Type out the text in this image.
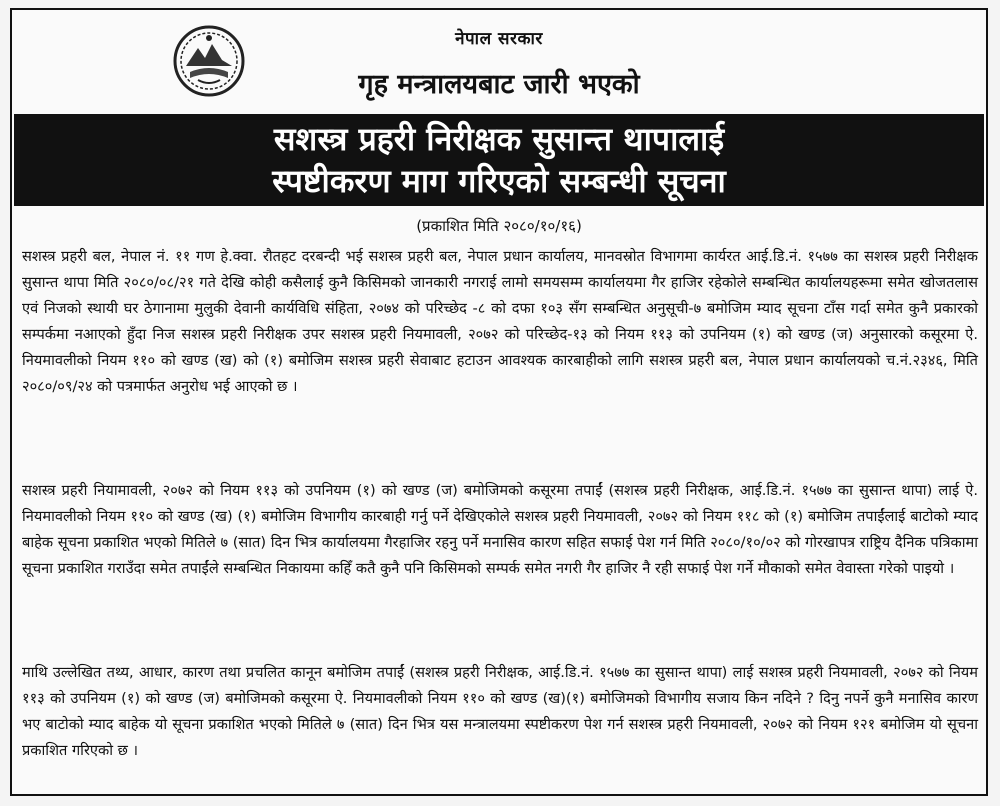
नेपाल सरकार
गृह मन्त्रालयबाट जारी भएको
सशस्त्र प्रहरी निरीक्षक सुसान्त थापालाई
स्पष्टीकरण माग गरिएको सम्बन्धी सूचना
(प्रकाशित मिति २०८०/१०/१६)

सशस्त्र प्रहरी बल, नेपाल नं. ११ गण हे.क्वा. रौतहट दरबन्दी भई सशस्त्र प्रहरी बल, नेपाल प्रधान कार्यालय, मानवस्रोत विभागमा कार्यरत आई.डि.नं. १५७७ का सशस्त्र प्रहरी निरीक्षक सुसान्त थापा मिति २०८०/०८/२१ गते देखि कोही कसैलाई कुनै किसिमको जानकारी नगराई लामो समयसम्म कार्यालयमा गैर हाजिर रहेकोले सम्बन्धित कार्यालयहरूमा समेत खोजतलास एवं निजको स्थायी घर ठेगानामा मुलुकी देवानी कार्यविधि संहिता, २०७४ को परिच्छेद -८ को दफा १०३ सँग सम्बन्धित अनुसूची-७ बमोजिम म्याद सूचना टाँस गर्दा समेत कुनै प्रकारको सम्पर्कमा नआएको हुँदा निज सशस्त्र प्रहरी निरीक्षक उपर सशस्त्र प्रहरी नियमावली, २०७२ को परिच्छेद-१३ को नियम ११३ को उपनियम (१) को खण्ड (ज) अनुसारको कसूरमा ऐ. नियमावलीको नियम ११० को खण्ड (ख) को (१) बमोजिम सशस्त्र प्रहरी सेवाबाट हटाउन आवश्यक कारबाहीको लागि सशस्त्र प्रहरी बल, नेपाल प्रधान कार्यालयको च.नं.२३४६, मिति २०८०/०९/२४ को पत्रमार्फत अनुरोध भई आएको छ ।

सशस्त्र प्रहरी नियामावली, २०७२ को नियम ११३ को उपनियम (१) को खण्ड (ज) बमोजिमको कसूरमा तपाईं (सशस्त्र प्रहरी निरीक्षक, आई.डि.नं. १५७७ का सुसान्त थापा) लाई ऐ. नियमावलीको नियम ११० को खण्ड (ख) (१) बमोजिम विभागीय कारबाही गर्नु पर्ने देखिएकोले सशस्त्र प्रहरी नियमावली, २०७२ को नियम ११८ को (१) बमोजिम तपाईंलाई बाटोको म्याद बाहेक सूचना प्रकाशित भएको मितिले ७ (सात) दिन भित्र कार्यालयमा गैरहाजिर रहनु पर्ने मनासिव कारण सहित सफाई पेश गर्न मिति २०८०/१०/०२ को गोरखापत्र राष्ट्रिय दैनिक पत्रिकामा सूचना प्रकाशित गराउँदा समेत तपाईंले सम्बन्धित निकायमा कहिँ कतै कुनै पनि किसिमको सम्पर्क समेत नगरी गैर हाजिर नै रही सफाई पेश गर्ने मौकाको समेत वेवास्ता गरेको पाइयो ।

माथि उल्लेखित तथ्य, आधार, कारण तथा प्रचलित कानून बमोजिम तपाईं (सशस्त्र प्रहरी निरीक्षक, आई.डि.नं. १५७७ का सुसान्त थापा) लाई सशस्त्र प्रहरी नियमावली, २०७२ को नियम ११३ को उपनियम (१) को खण्ड (ज) बमोजिमको कसूरमा ऐ. नियमावलीको नियम ११० को खण्ड (ख)(१) बमोजिमको विभागीय सजाय किन नदिने ? दिनु नपर्ने कुनै मनासिव कारण भए बाटोको म्याद बाहेक यो सूचना प्रकाशित भएको मितिले ७ (सात) दिन भित्र यस मन्त्रालयमा स्पष्टीकरण पेश गर्न सशस्त्र प्रहरी नियमावली, २०७२ को नियम १२१ बमोजिम यो सूचना प्रकाशित गरिएको छ ।
